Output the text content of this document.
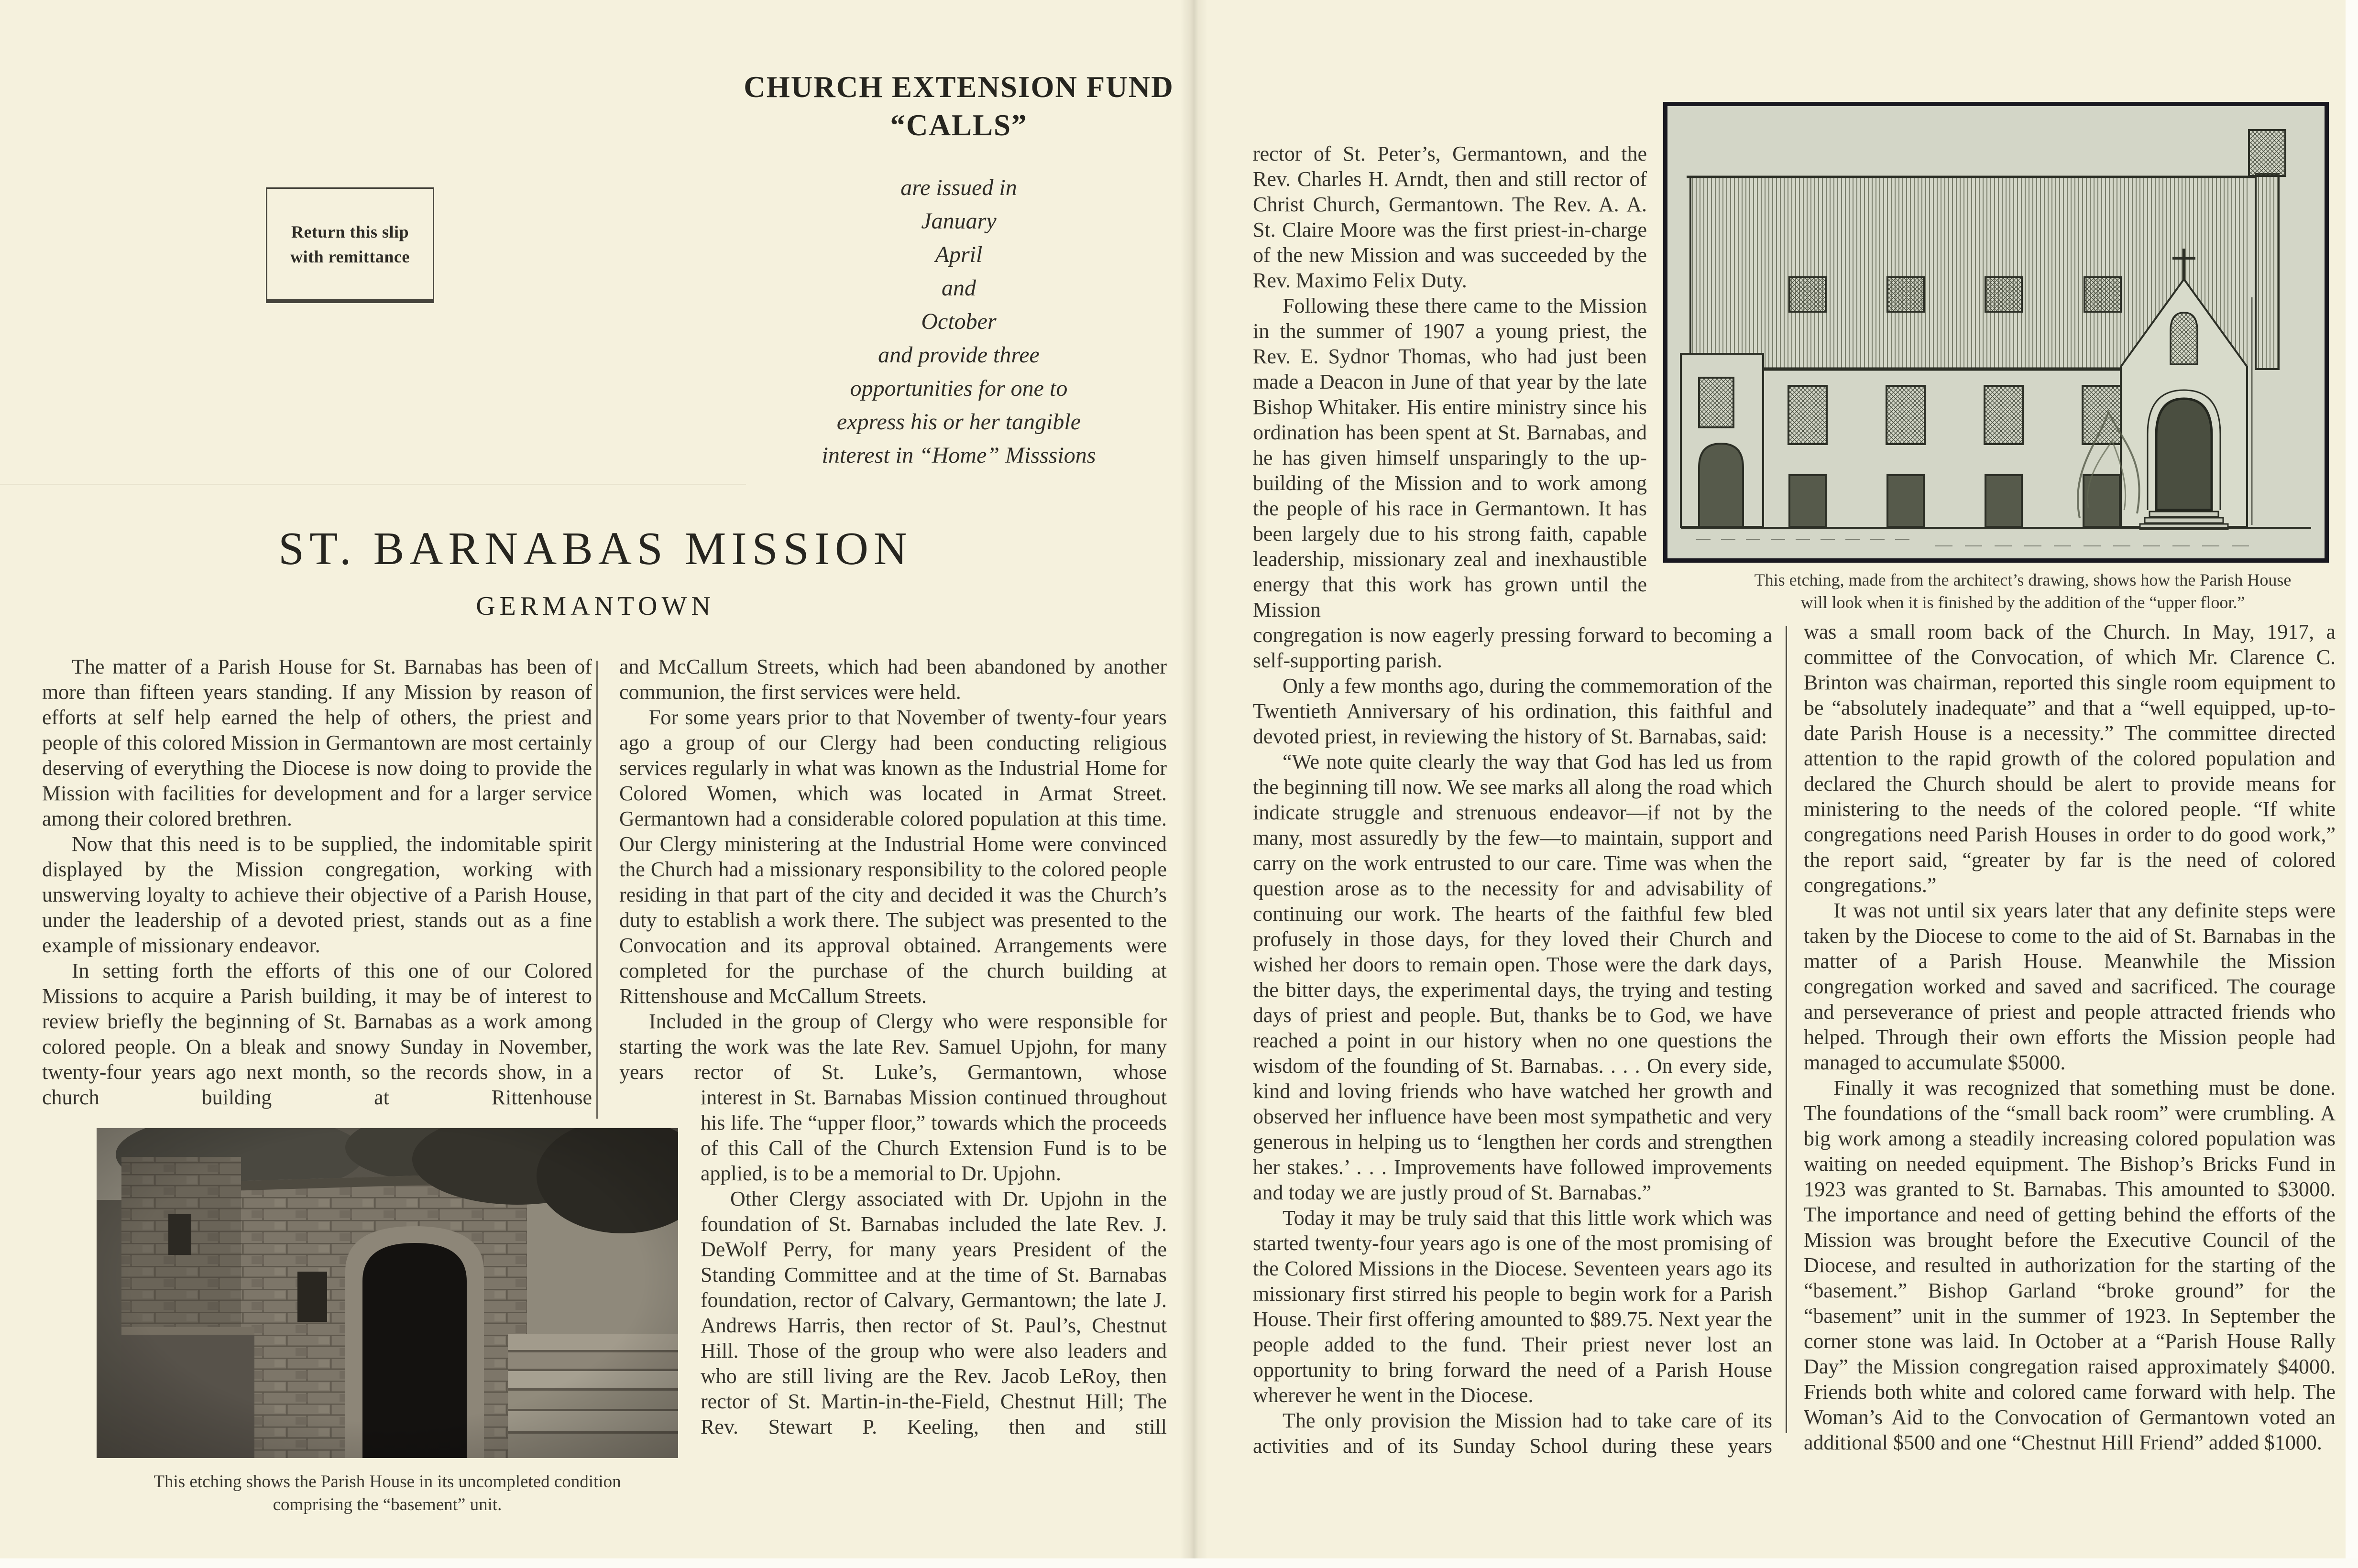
Return this slip
with remittance
CHURCH EXTENSION FUND
“CALLS”
are issued in
January
April
and
October
and provide three
opportunities for one to
express his or her tangible
interest in “Home” Misssions
ST. BARNABAS MISSION
GERMANTOWN

The matter of a Parish House for St. Barnabas has been of more than fifteen years standing. If any Mission by reason of efforts at self help earned the help of others, the priest and people of this colored Mission in Germantown are most certainly deserving of everything the Diocese is now doing to provide the Mission with facilities for development and for a larger service among their colored brethren.

Now that this need is to be supplied, the indomitable spirit displayed by the Mission congregation, working with unswerving loyalty to achieve their objective of a Parish House, under the leadership of a devoted priest, stands out as a fine example of missionary endeavor.

In setting forth the efforts of this one of our Colored Missions to acquire a Parish building, it may be of interest to review briefly the beginning of St. Barnabas as a work among colored people. On a bleak and snowy Sunday in November, twenty-four years ago next month, so the records show, in a church building at Rittenhouse

This etching shows the Parish House in its uncompleted condition
comprising the “basement” unit.

and McCallum Streets, which had been abandoned by another communion, the first services were held.

For some years prior to that November of twenty-four years ago a group of our Clergy had been conducting religious services regularly in what was known as the Industrial Home for Colored Women, which was located in Armat Street. Germantown had a considerable colored population at this time. Our Clergy ministering at the Industrial Home were convinced the Church had a missionary responsibility to the colored people residing in that part of the city and decided it was the Church’s duty to establish a work there. The subject was presented to the Convocation and its approval obtained. Arrangements were completed for the purchase of the church building at Rittenshouse and McCallum Streets.

Included in the group of Clergy who were responsible for starting the work was the late Rev. Samuel Upjohn, for many years rector of St. Luke’s, Germantown, whose

interest in St. Barnabas Mission continued throughout his life. The “upper floor,” towards which the proceeds of this Call of the Church Extension Fund is to be applied, is to be a memorial to Dr. Upjohn.

Other Clergy associated with Dr. Upjohn in the foundation of St. Barnabas included the late Rev. J. DeWolf Perry, for many years President of the Standing Committee and at the time of St. Barnabas foundation, rector of Calvary, Germantown; the late J. Andrews Harris, then rector of St. Paul’s, Chestnut Hill. Those of the group who were also leaders and who are still living are the Rev. Jacob LeRoy, then rector of St. Martin-in-the-Field, Chestnut Hill; The Rev. Stewart P. Keeling, then and still

rector of St. Peter’s, Germantown, and the Rev. Charles H. Arndt, then and still rector of Christ Church, Germantown. The Rev. A. A. St. Claire Moore was the first priest-in-charge of the new Mission and was succeeded by the Rev. Maximo Felix Duty.

Following these there came to the Mission in the summer of 1907 a young priest, the Rev. E. Sydnor Thomas, who had just been made a Deacon in June of that year by the late Bishop Whitaker. His entire ministry since his ordination has been spent at St. Barnabas, and he has given himself unsparingly to the up-building of the Mission and to work among the people of his race in Germantown. It has been largely due to his strong faith, capable leadership, missionary zeal and inexhaustible energy that this work has grown until the Mission

congregation is now eagerly pressing forward to becoming a self-supporting parish.

Only a few months ago, during the commemoration of the Twentieth Anniversary of his ordination, this faithful and devoted priest, in reviewing the history of St. Barnabas, said:

“We note quite clearly the way that God has led us from the beginning till now. We see marks all along the road which indicate struggle and strenuous endeavor—if not by the many, most assuredly by the few—to maintain, support and carry on the work entrusted to our care. Time was when the question arose as to the necessity for and advisability of continuing our work. The hearts of the faithful few bled profusely in those days, for they loved their Church and wished her doors to remain open. Those were the dark days, the bitter days, the experimental days, the trying and testing days of priest and people. But, thanks be to God, we have reached a point in our history when no one questions the wisdom of the founding of St. Barnabas. . . . On every side, kind and loving friends who have watched her growth and observed her influence have been most sympathetic and very generous in helping us to ‘lengthen her cords and strengthen her stakes.’ . . . Improvements have followed improvements and today we are justly proud of St. Barnabas.”

Today it may be truly said that this little work which was started twenty-four years ago is one of the most promising of the Colored Missions in the Diocese. Seventeen years ago its missionary first stirred his people to begin work for a Parish House. Their first offering amounted to $89.75. Next year the people added to the fund. Their priest never lost an opportunity to bring forward the need of a Parish House wherever he went in the Diocese.

The only provision the Mission had to take care of its activities and of its Sunday School during these years

was a small room back of the Church. In May, 1917, a committee of the Convocation, of which Mr. Clarence C. Brinton was chairman, reported this single room equipment to be “absolutely inadequate” and that a “well equipped, up-to-date Parish House is a necessity.” The committee directed attention to the rapid growth of the colored population and declared the Church should be alert to provide means for ministering to the needs of the colored people. “If white congregations need Parish Houses in order to do good work,” the report said, “greater by far is the need of colored congregations.”

It was not until six years later that any definite steps were taken by the Diocese to come to the aid of St. Barnabas in the matter of a Parish House. Meanwhile the Mission congregation worked and saved and sacrificed. The courage and perseverance of priest and people attracted friends who helped. Through their own efforts the Mission people had managed to accumulate $5000.

Finally it was recognized that something must be done. The foundations of the “small back room” were crumbling. A big work among a steadily increasing colored population was waiting on needed equipment. The Bishop’s Bricks Fund in 1923 was granted to St. Barnabas. This amounted to $3000. The importance and need of getting behind the efforts of the Mission was brought before the Executive Council of the Diocese, and resulted in authorization for the starting of the “basement.” Bishop Garland “broke ground” for the “basement” unit in the summer of 1923. In September the corner stone was laid. In October at a “Parish House Rally Day” the Mission congregation raised approximately $4000. Friends both white and colored came forward with help. The Woman’s Aid to the Convocation of Germantown voted an additional $500 and one “Chestnut Hill Friend” added $1000.

This etching, made from the architect’s drawing, shows how the Parish House
will look when it is finished by the addition of the “upper floor.”
